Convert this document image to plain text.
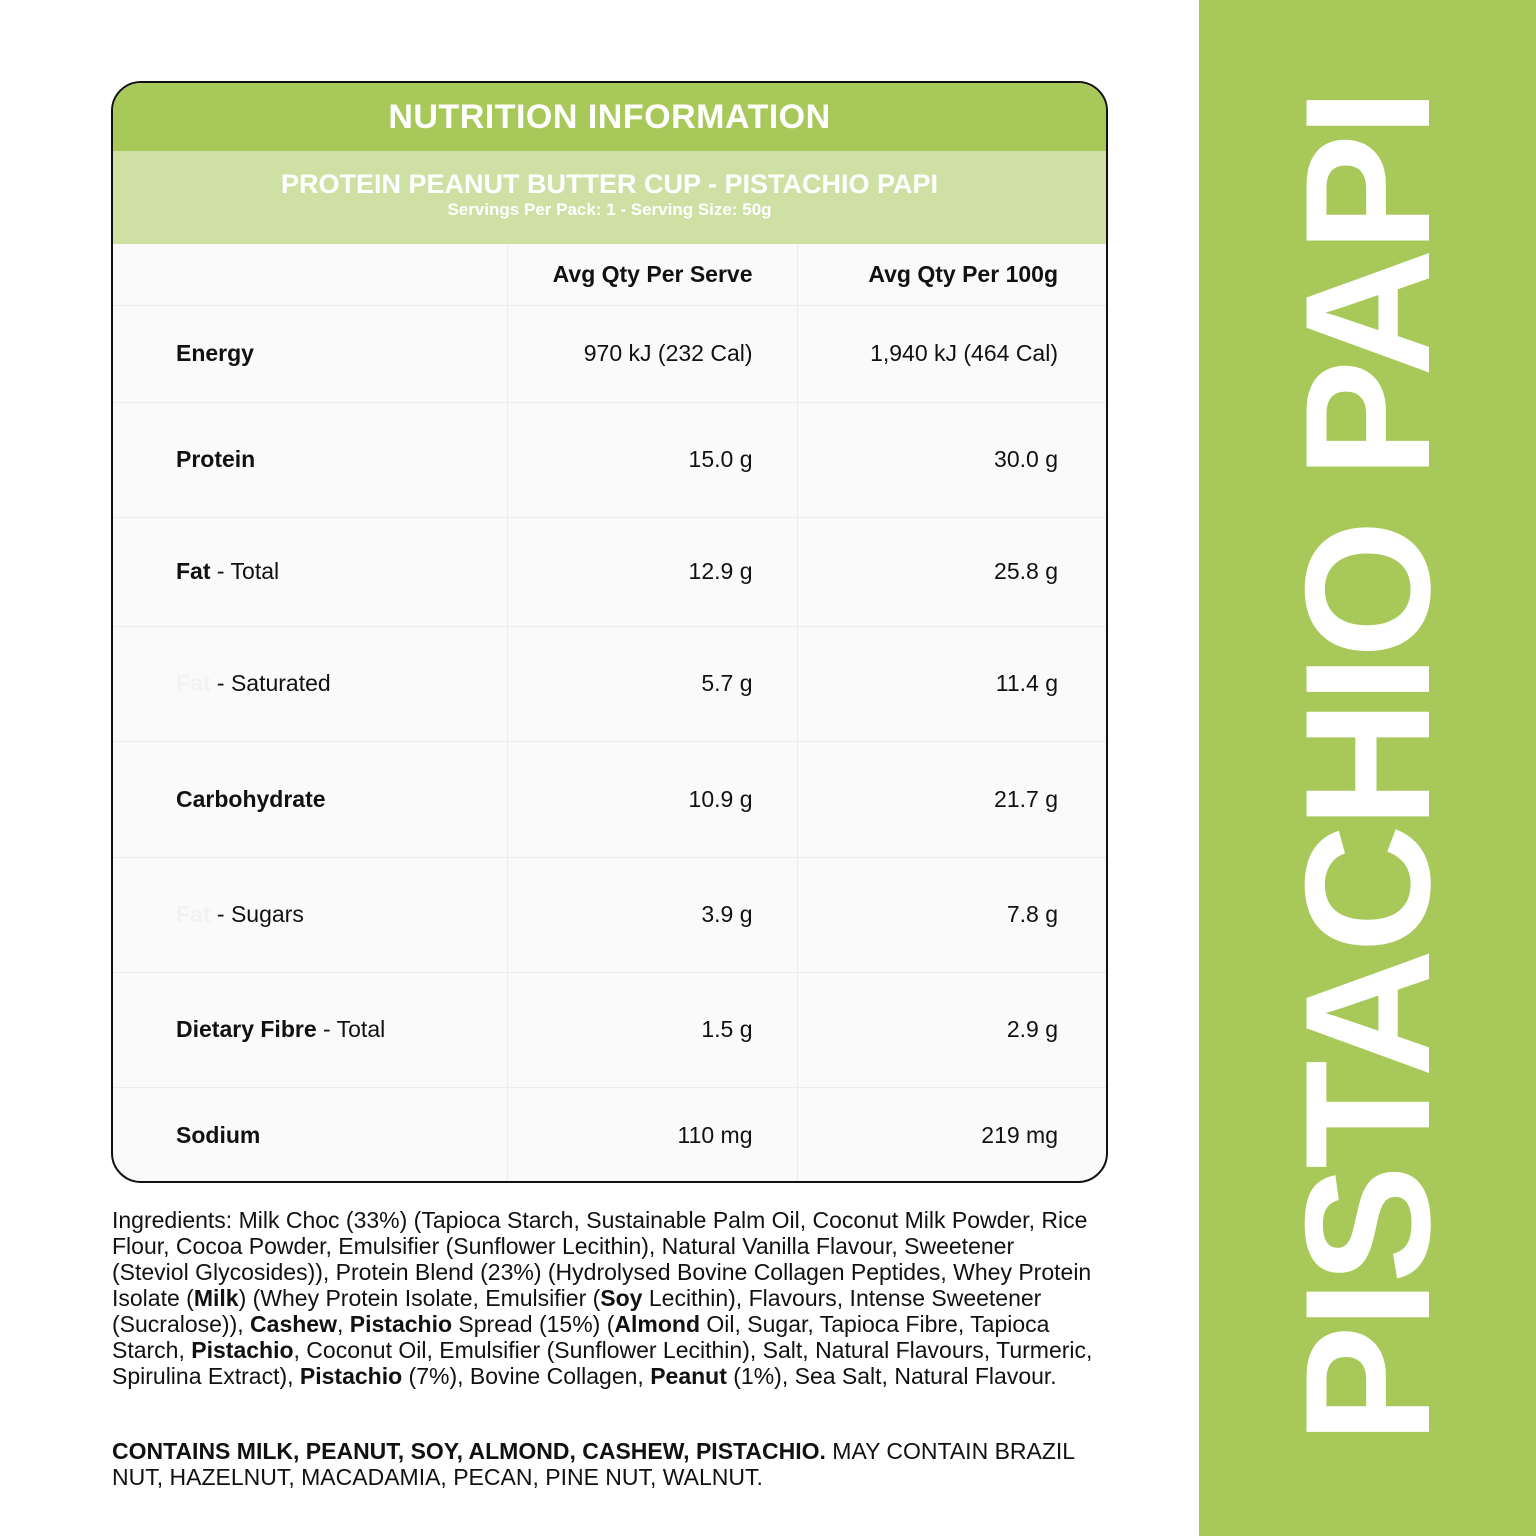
PISTACHIO PAPI
NUTRITION INFORMATION
PROTEIN PEANUT BUTTER CUP - PISTACHIO PAPI
Servings Per Pack: 1 - Serving Size: 50g
	Avg Qty Per Serve	Avg Qty Per 100g
Energy	970 kJ (232 Cal)	1,940 kJ (464 Cal)
Protein	15.0 g	30.0 g
Fat - Total	12.9 g	25.8 g
Fat - Saturated	5.7 g	11.4 g
Carbohydrate	10.9 g	21.7 g
Fat - Sugars	3.9 g	7.8 g
Dietary Fibre - Total	1.5 g	2.9 g
Sodium	110 mg	219 mg
Ingredients: Milk Choc (33%) (Tapioca Starch, Sustainable Palm Oil, Coconut Milk Powder, Rice Flour, Cocoa Powder, Emulsifier (Sunflower Lecithin), Natural Vanilla Flavour, Sweetener (Steviol Glycosides)), Protein Blend (23%) (Hydrolysed Bovine Collagen Peptides, Whey Protein Isolate (Milk) (Whey Protein Isolate, Emulsifier (Soy Lecithin), Flavours, Intense Sweetener (Sucralose)), Cashew, Pistachio Spread (15%) (Almond Oil, Sugar, Tapioca Fibre, Tapioca Starch, Pistachio, Coconut Oil, Emulsifier (Sunflower Lecithin), Salt, Natural Flavours, Turmeric, Spirulina Extract), Pistachio (7%), Bovine Collagen, Peanut (1%), Sea Salt, Natural Flavour.
CONTAINS MILK, PEANUT, SOY, ALMOND, CASHEW, PISTACHIO. MAY CONTAIN BRAZIL NUT, HAZELNUT, MACADAMIA, PECAN, PINE NUT, WALNUT.
